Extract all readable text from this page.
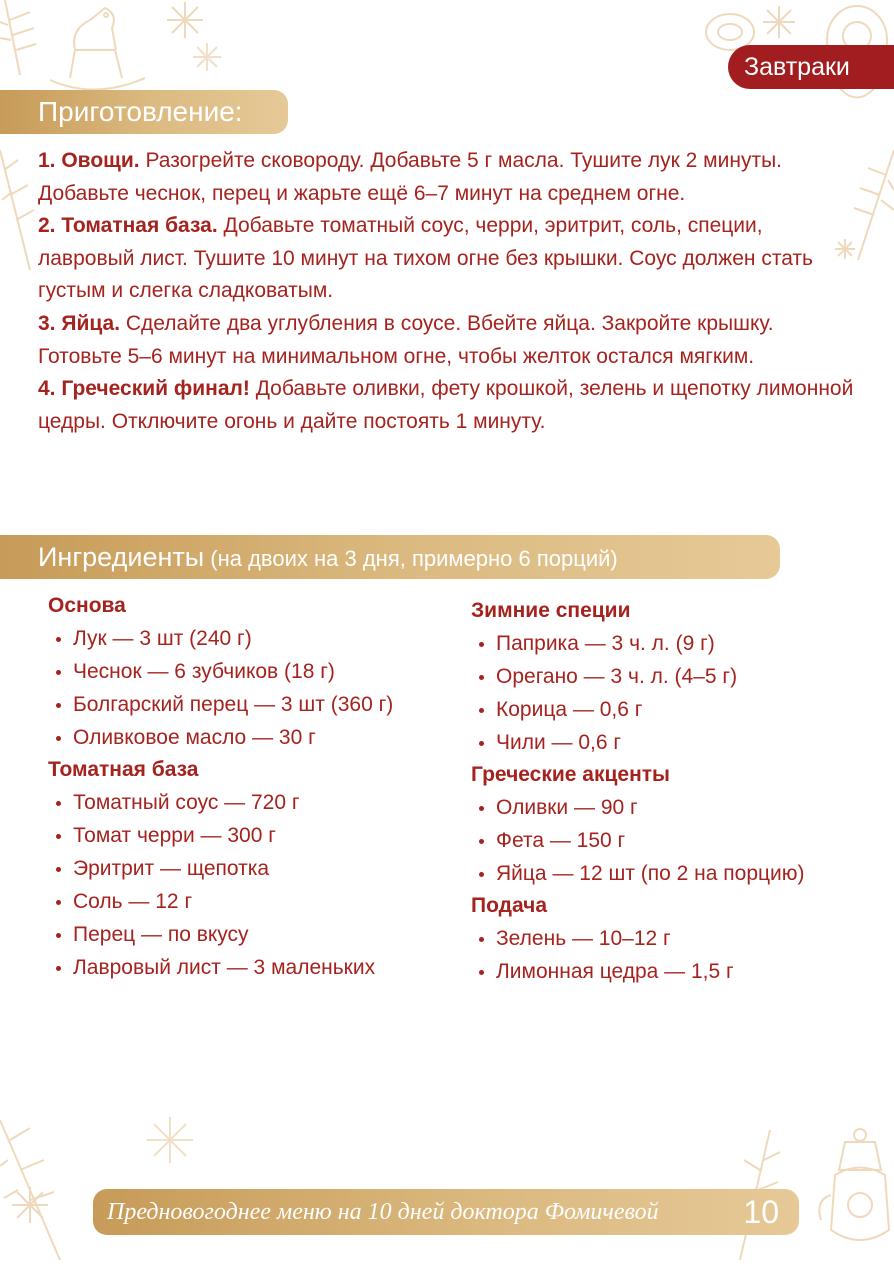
Завтраки
Приготовление:

1. Овощи. Разогрейте сковороду. Добавьте 5 г масла. Тушите лук 2 минуты. Добавьте чеснок, перец и жарьте ещё 6–7 минут на среднем огне.

2. Томатная база. Добавьте томатный соус, черри, эритрит, соль, специи, лавровый лист. Тушите 10 минут на тихом огне без крышки. Соус должен стать густым и слегка сладковатым.

3. Яйца. Сделайте два углубления в соусе. Вбейте яйца. Закройте крышку. Готовьте 5–6 минут на минимальном огне, чтобы желток остался мягким.

4. Греческий финал! Добавьте оливки, фету крошкой, зелень и щепотку лимонной цедры. Отключите огонь и дайте постоять 1 минуту.

Ингредиенты (на двоих на 3 дня, примерно 6 порций)

Основа

Лук — 3 шт (240 г)
Чеснок — 6 зубчиков (18 г)
Болгарский перец — 3 шт (360 г)
Оливковое масло — 30 г

Томатная база

Томатный соус — 720 г
Томат черри — 300 г
Эритрит — щепотка
Соль — 12 г
Перец — по вкусу
Лавровый лист — 3 маленьких

Зимние специи

Паприка — 3 ч. л. (9 г)
Орегано — 3 ч. л. (4–5 г)
Корица — 0,6 г
Чили — 0,6 г

Греческие акценты

Оливки — 90 г
Фета — 150 г
Яйца — 12 шт (по 2 на порцию)

Подача

Зелень — 10–12 г
Лимонная цедра — 1,5 г
Предновогоднее меню на 10 дней доктора Фомичевой	10
